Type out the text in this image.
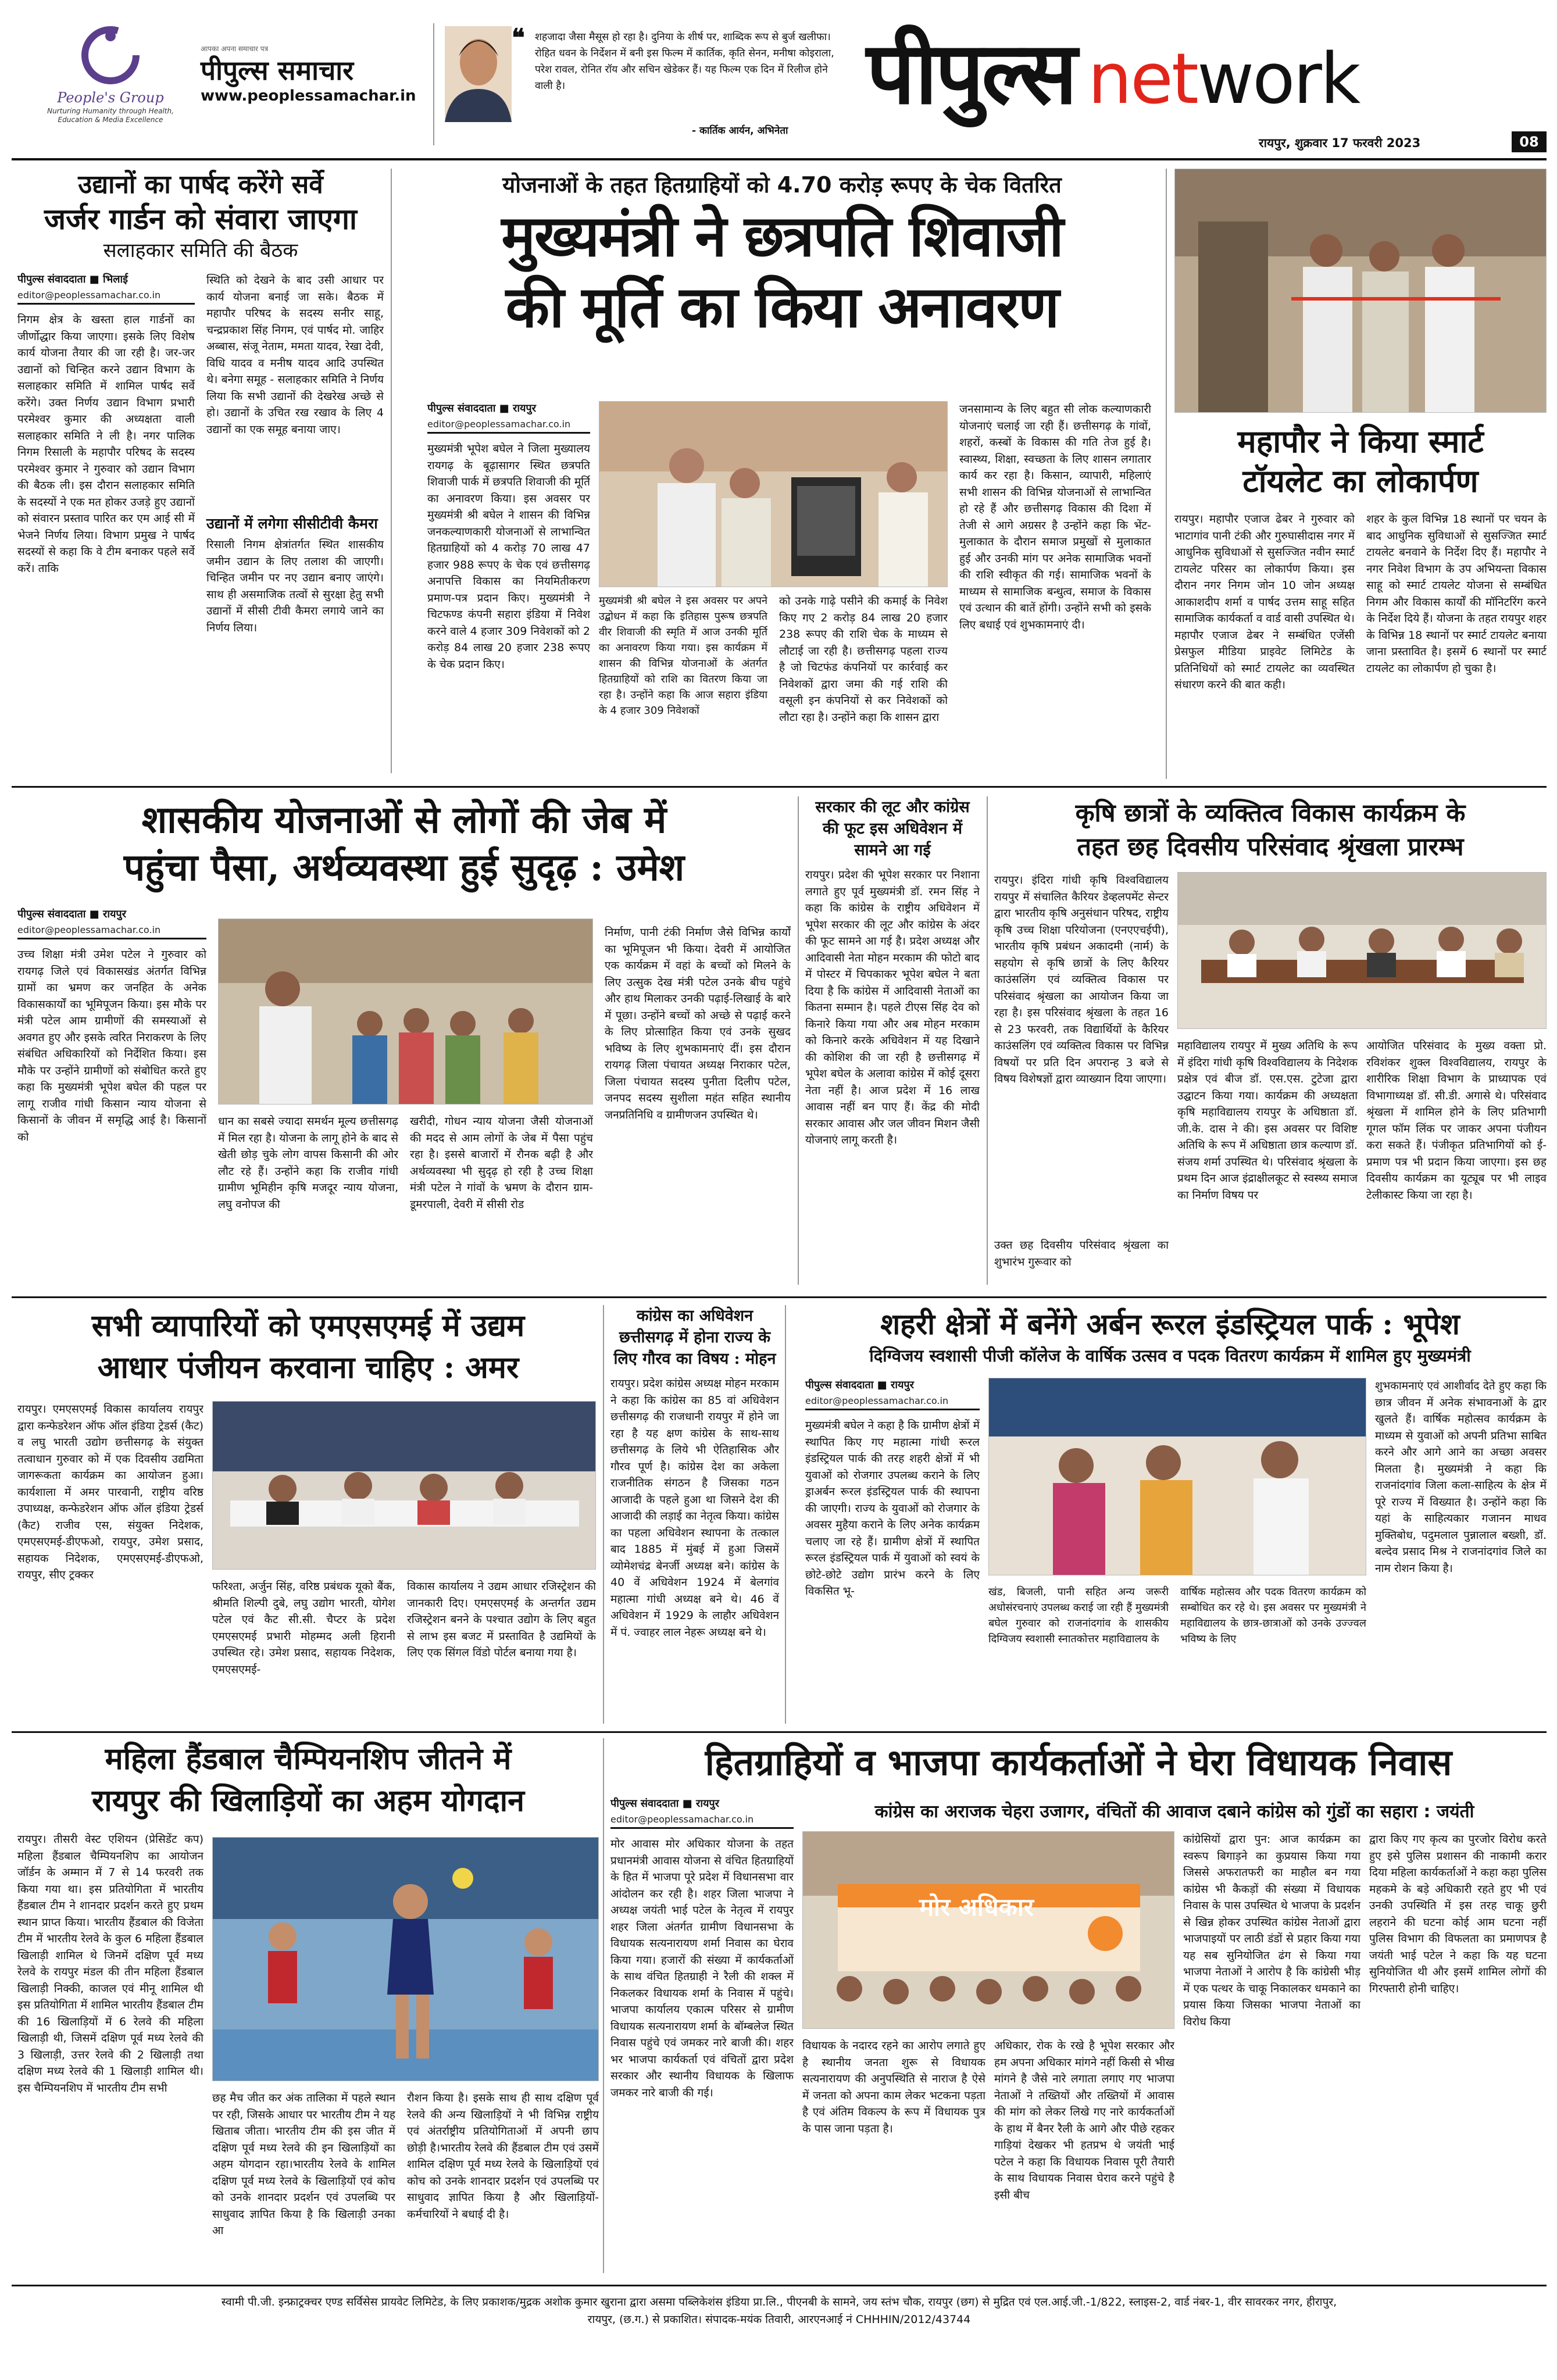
People's Group
Nurturing Humanity through Health, Education & Media Excellence
आपका अपना समाचार पत्र
पीपुल्स समाचार
www.peoplessamachar.in
❝ शहजादा जैसा मैसूस हो रहा है। दुनिया के शीर्ष पर, शाब्दिक रूप से बुर्ज खलीफा। रोहित धवन के निर्देशन में बनी इस फिल्म में कार्तिक, कृति सेनन, मनीषा कोइराला, परेश रावल, रोनित रॉय और सचिन खेडेकर हैं। यह फिल्म एक दिन में रिलीज होने वाली है।
- कार्तिक आर्यन, अभिनेता
पीपुल्स network
रायपुर, शुक्रवार 17 फरवरी 2023	08
उद्यानों का पार्षद करेंगे सर्वे
जर्जर गार्डन को संवारा जाएगा
सलाहकार समिति की बैठक
पीपुल्स संवाददाता ■ भिलाई
editor@peoplessamachar.co.in
निगम क्षेत्र के खस्ता हाल गार्डनों का जीर्णोद्धार किया जाएगा। इसके लिए विशेष कार्य योजना तैयार की जा रही है। जर-जर उद्यानों को चिन्हित करने उद्यान विभाग के सलाहकार समिति में शामिल पार्षद सर्वे करेंगे। उक्त निर्णय उद्यान विभाग प्रभारी परमेश्वर कुमार की अध्यक्षता वाली सलाहकार समिति ने ली है। नगर पालिक निगम रिसाली के महापौर परिषद के सदस्य परमेश्वर कुमार ने गुरुवार को उद्यान विभाग की बैठक ली। इस दौरान सलाहकार समिति के सदस्यों ने एक मत होकर उजड़े हुए उद्यानों को संवारन प्रस्ताव पारित कर एम आई सी में भेजने निर्णय लिया। विभाग प्रमुख ने पार्षद सदस्यों से कहा कि वे टीम बनाकर पहले सर्वे करें। ताकि
स्थिति को देखने के बाद उसी आधार पर कार्य योजना बनाई जा सके। बैठक में महापौर परिषद के सदस्य सनीर साहू, चन्द्रप्रकाश सिंह निगम, एवं पार्षद मो. जाहिर अब्बास, संजू नेताम, ममता यादव, रेखा देवी, विधि यादव व मनीष यादव आदि उपस्थित थे। बनेगा समूह - सलाहकार समिति ने निर्णय लिया कि सभी उद्यानों की देखरेख अच्छे से हो। उद्यानों के उचित रख रखाव के लिए 4 उद्यानों का एक समूह बनाया जाए।
उद्यानों में लगेगा सीसीटीवी कैमरा
रिसाली निगम क्षेत्रांतर्गत स्थित शासकीय जमीन उद्यान के लिए तलाश की जाएगी। चिन्हित जमीन पर नए उद्यान बनाए जाएंगे। साथ ही असमाजिक तत्वों से सुरक्षा हेतु सभी उद्यानों में सीसी टीवी कैमरा लगाये जाने का निर्णय लिया।
योजनाओं के तहत हितग्राहियों को 4.70 करोड़ रूपए के चेक वितरित
मुख्यमंत्री ने छत्रपति शिवाजी
की मूर्ति का किया अनावरण
पीपुल्स संवाददाता ■ रायपुर
editor@peoplessamachar.co.in
मुख्यमंत्री भूपेश बघेल ने जिला मुख्यालय रायगढ़ के बूढ़ासागर स्थित छत्रपति शिवाजी पार्क में छत्रपति शिवाजी की मूर्ति का अनावरण किया। इस अवसर पर मुख्यमंत्री श्री बघेल ने शासन की विभिन्न जनकल्याणकारी योजनाओं से लाभान्वित हितग्राहियों को 4 करोड़ 70 लाख 47 हजार 988 रूपए के चेक एवं छत्तीसगढ़ अनापत्ति विकास का नियमितीकरण प्रमाण-पत्र प्रदान किए। मुख्यमंत्री ने चिटफण्ड कंपनी सहारा इंडिया में निवेश करने वाले 4 हजार 309 निवेशकों को 2 करोड़ 84 लाख 20 हजार 238 रूपए के चेक प्रदान किए।
मुख्यमंत्री श्री बघेल ने इस अवसर पर अपने उद्बोधन में कहा कि इतिहास पुरूष छत्रपति वीर शिवाजी की स्मृति में आज उनकी मूर्ति का अनावरण किया गया। इस कार्यक्रम में शासन की विभिन्न योजनाओं के अंतर्गत हितग्राहियों को राशि का वितरण किया जा रहा है। उन्होंने कहा कि आज सहारा इंडिया के 4 हजार 309 निवेशकों
को उनके गाढ़े पसीने की कमाई के निवेश किए गए 2 करोड़ 84 लाख 20 हजार 238 रूपए की राशि चेक के माध्यम से लौटाई जा रही है। छत्तीसगढ़ पहला राज्य है जो चिटफंड कंपनियों पर कार्रवाई कर निवेशकों द्वारा जमा की गई राशि की वसूली इन कंपनियों से कर निवेशकों को लौटा रहा है। उन्होंने कहा कि शासन द्वारा
जनसामान्य के लिए बहुत सी लोक कल्याणकारी योजनाएं चलाई जा रही हैं। छत्तीसगढ़ के गांवों, शहरों, कस्बों के विकास की गति तेज हुई है। स्वास्थ्य, शिक्षा, स्वच्छता के लिए शासन लगातार कार्य कर रहा है। किसान, व्यापारी, महिलाएं सभी शासन की विभिन्न योजनाओं से लाभान्वित हो रहे हैं और छत्तीसगढ़ विकास की दिशा में तेजी से आगे अग्रसर है उन्होंने कहा कि भेंट-मुलाकात के दौरान समाज प्रमुखों से मुलाकात हुई और उनकी मांग पर अनेक सामाजिक भवनों की राशि स्वीकृत की गई। सामाजिक भवनों के माध्यम से सामाजिक बन्धुत्व, समाज के विकास एवं उत्थान की बातें होंगी। उन्होंने सभी को इसके लिए बधाई एवं शुभकामनाएं दी।
महापौर ने किया स्मार्ट
टॉयलेट का लोकार्पण
रायपुर। महापौर एजाज ढेबर ने गुरुवार को भाटागांव पानी टंकी और गुरुघासीदास नगर में आधुनिक सुविधाओं से सुसज्जित नवीन स्मार्ट टायलेट परिसर का लोकार्पण किया। इस दौरान नगर निगम जोन 10 जोन अध्यक्ष आकाशदीप शर्मा व पार्षद उत्तम साहू सहित सामाजिक कार्यकर्ता व वार्ड वासी उपस्थित थे। महापौर एजाज ढेबर ने सम्बंधित एजेंसी प्रेसफुल मीडिया प्राइवेट लिमिटेड के प्रतिनिधियों को स्मार्ट टायलेट का व्यवस्थित संधारण करने की बात कही।
शहर के कुल विभिन्न 18 स्थानों पर चयन के बाद आधुनिक सुविधाओं से सुसज्जित स्मार्ट टायलेट बनवाने के निर्देश दिए हैं। महापौर ने नगर निवेश विभाग के उप अभियन्ता विकास साहू को स्मार्ट टायलेट योजना से सम्बंधित निगम और विकास कार्यों की मॉनिटरिंग करने के निर्देश दिये हैं। योजना के तहत रायपुर शहर के विभिन्न 18 स्थानों पर स्मार्ट टायलेट बनाया जाना प्रस्तावित है। इसमें 6 स्थानों पर स्मार्ट टायलेट का लोकार्पण हो चुका है।
शासकीय योजनाओं से लोगों की जेब में
पहुंचा पैसा, अर्थव्यवस्था हुई सुदृढ़ : उमेश
पीपुल्स संवाददाता ■ रायपुर
editor@peoplessamachar.co.in
उच्च शिक्षा मंत्री उमेश पटेल ने गुरुवार को रायगढ़ जिले एवं विकासखंड अंतर्गत विभिन्न ग्रामों का भ्रमण कर जनहित के अनेक विकासकार्यों का भूमिपूजन किया। इस मौके पर मंत्री पटेल आम ग्रामीणों की समस्याओं से अवगत हुए और इसके त्वरित निराकरण के लिए संबंधित अधिकारियों को निर्देशित किया। इस मौके पर उन्होंने ग्रामीणों को संबोधित करते हुए कहा कि मुख्यमंत्री भूपेश बघेल की पहल पर लागू राजीव गांधी किसान न्याय योजना से किसानों के जीवन में समृद्धि आई है। किसानों को
धान का सबसे ज्यादा समर्थन मूल्य छत्तीसगढ़ में मिल रहा है। योजना के लागू होने के बाद से खेती छोड़ चुके लोग वापस किसानी की ओर लौट रहे हैं। उन्होंने कहा कि राजीव गांधी ग्रामीण भूमिहीन कृषि मजदूर न्याय योजना, लघु वनोपज की
खरीदी, गोधन न्याय योजना जैसी योजनाओं की मदद से आम लोगों के जेब में पैसा पहुंच रहा है। इससे बाजारों में रौनक बढ़ी है और अर्थव्यवस्था भी सुदृढ़ हो रही है उच्च शिक्षा मंत्री पटेल ने गांवों के भ्रमण के दौरान ग्राम-डूमरपाली, देवरी में सीसी रोड
निर्माण, पानी टंकी निर्माण जैसे विभिन्न कार्यों का भूमिपूजन भी किया। देवरी में आयोजित एक कार्यक्रम में वहां के बच्चों को मिलने के लिए उत्सुक देख मंत्री पटेल उनके बीच पहुंचे और हाथ मिलाकर उनकी पढ़ाई-लिखाई के बारे में पूछा। उन्होंने बच्चों को अच्छे से पढ़ाई करने के लिए प्रोत्साहित किया एवं उनके सुखद भविष्य के लिए शुभकामनाएं दीं। इस दौरान रायगढ़ जिला पंचायत अध्यक्ष निराकार पटेल, जिला पंचायत सदस्य पुनीता दिलीप पटेल, जनपद सदस्य सुशीला महंत सहित स्थानीय जनप्रतिनिधि व ग्रामीणजन उपस्थित थे।
सरकार की लूट और कांग्रेस की फूट इस अधिवेशन में सामने आ गई
रायपुर। प्रदेश की भूपेश सरकार पर निशाना लगाते हुए पूर्व मुख्यमंत्री डॉ. रमन सिंह ने कहा कि कांग्रेस के राष्ट्रीय अधिवेशन में भूपेश सरकार की लूट और कांग्रेस के अंदर की फूट सामने आ गई है। प्रदेश अध्यक्ष और आदिवासी नेता मोहन मरकाम की फोटो बाद में पोस्टर में चिपकाकर भूपेश बघेल ने बता दिया है कि कांग्रेस में आदिवासी नेताओं का कितना सम्मान है। पहले टीएस सिंह देव को किनारे किया गया और अब मोहन मरकाम को किनारे करके अधिवेशन में यह दिखाने की कोशिश की जा रही है छत्तीसगढ़ में भूपेश बघेल के अलावा कांग्रेस में कोई दूसरा नेता नहीं है। आज प्रदेश में 16 लाख आवास नहीं बन पाए हैं। केंद्र की मोदी सरकार आवास और जल जीवन मिशन जैसी योजनाएं लागू करती है।
कृषि छात्रों के व्यक्तित्व विकास कार्यक्रम के
तहत छह दिवसीय परिसंवाद श्रृंखला प्रारम्भ
रायपुर। इंदिरा गांधी कृषि विश्वविद्यालय रायपुर में संचालित कैरियर डेव्हलपमेंट सेन्टर द्वारा भारतीय कृषि अनुसंधान परिषद, राष्ट्रीय कृषि उच्च शिक्षा परियोजना (एनएएचईपी), भारतीय कृषि प्रबंधन अकादमी (नार्म) के सहयोग से कृषि छात्रों के लिए कैरियर काउंसलिंग एवं व्यक्तित्व विकास पर परिसंवाद श्रृंखला का आयोजन किया जा रहा है। इस परिसंवाद श्रृंखला के तहत 16 से 23 फरवरी, तक विद्यार्थियों के कैरियर काउंसलिंग एवं व्यक्तित्व विकास पर विभिन्न विषयों पर प्रति दिन अपरान्ह 3 बजे से विषय विशेषज्ञों द्वारा व्याख्यान दिया जाएगा।
उक्त छह दिवसीय परिसंवाद श्रृंखला का शुभारंभ गुरूवार को
महाविद्यालय रायपुर में मुख्य अतिथि के रूप में इंदिरा गांधी कृषि विश्वविद्यालय के निदेशक प्रक्षेत्र एवं बीज डॉ. एस.एस. टुटेजा द्वारा उद्घाटन किया गया। कार्यक्रम की अध्यक्षता कृषि महाविद्यालय रायपुर के अधिष्ठाता डॉ. जी.के. दास ने की। इस अवसर पर विशिष्ट अतिथि के रूप में अधिष्ठाता छात्र कल्याण डॉ. संजय शर्मा उपस्थित थे। परिसंवाद श्रृंखला के प्रथम दिन आज इंद्राक्षीलकूट से स्वस्थ्य समाज का निर्माण विषय पर
आयोजित परिसंवाद के मुख्य वक्ता प्रो. रविशंकर शुक्ल विश्वविद्यालय, रायपुर के शारीरिक शिक्षा विभाग के प्राध्यापक एवं विभागाध्यक्ष डॉ. सी.डी. अगासे थे। परिसंवाद श्रृंखला में शामिल होने के लिए प्रतिभागी गूगल फॉम लिंक पर जाकर अपना पंजीयन करा सकते हैं। पंजीकृत प्रतिभागियों को ई-प्रमाण पत्र भी प्रदान किया जाएगा। इस छह दिवसीय कार्यक्रम का यूट्यूब पर भी लाइव टेलीकास्ट किया जा रहा है।
सभी व्यापारियों को एमएसएमई में उद्यम
आधार पंजीयन करवाना चाहिए : अमर
रायपुर। एमएसएमई विकास कार्यालय रायपुर द्वारा कन्फेडरेशन ऑफ ऑल इंडिया ट्रेडर्स (कैट) व लघु भारती उद्योग छत्तीसगढ़ के संयुक्त तत्वाधान गुरुवार को में एक दिवसीय उद्यमिता जागरूकता कार्यक्रम का आयोजन हुआ। कार्यशाला में अमर पारवानी, राष्ट्रीय वरिष्ठ उपाध्यक्ष, कन्फेडरेशन ऑफ ऑल इंडिया ट्रेडर्स (कैट) राजीव एस, संयुक्त निदेशक, एमएसएमई-डीएफओ, रायपुर, उमेश प्रसाद, सहायक निदेशक, एमएसएमई-डीएफओ, रायपुर, सीए ट्रक्कर
फरिश्ता, अर्जुन सिंह, वरिष्ठ प्रबंधक यूको बैंक, श्रीमति शिल्पी दुबे, लघु उद्योग भारती, योगेश पटेल एवं कैट सी.सी. चैप्टर के प्रदेश एमएसएमई प्रभारी मोहम्मद अली हिरानी उपस्थित रहे। उमेश प्रसाद, सहायक निदेशक, एमएसएमई-
विकास कार्यालय ने उद्यम आधार रजिस्ट्रेशन की जानकारी दिए। एमएसएमई के अन्तर्गत उद्यम रजिस्ट्रेशन बनने के पश्चात उद्योग के लिए बहुत से लाभ इस बजट में प्रस्तावित है उद्यमियों के लिए एक सिंगल विंडो पोर्टल बनाया गया है।
कांग्रेस का अधिवेशन छत्तीसगढ़ में होना राज्य के लिए गौरव का विषय : मोहन
रायपुर। प्रदेश कांग्रेस अध्यक्ष मोहन मरकाम ने कहा कि कांग्रेस का 85 वां अधिवेशन छत्तीसगढ़ की राजधानी रायपुर में होने जा रहा है यह क्षण कांग्रेस के साथ-साथ छत्तीसगढ़ के लिये भी ऐतिहासिक और गौरव पूर्ण है। कांग्रेस देश का अकेला राजनीतिक संगठन है जिसका गठन आजादी के पहले हुआ था जिसने देश की आजादी की लड़ाई का नेतृत्व किया। कांग्रेस का पहला अधिवेशन स्थापना के तत्काल बाद 1885 में मुंबई में हुआ जिसमें व्योमेशचंद्र बेनर्जी अध्यक्ष बने। कांग्रेस के 40 वें अधिवेशन 1924 में बेलगांव महात्मा गांधी अध्यक्ष बने थे। 46 वें अधिवेशन में 1929 के लाहौर अधिवेशन में पं. ज्वाहर लाल नेहरू अध्यक्ष बने थे।
शहरी क्षेत्रों में बनेंगे अर्बन रूरल इंडस्ट्रियल पार्क : भूपेश
दिग्विजय स्वशासी पीजी कॉलेज के वार्षिक उत्सव व पदक वितरण कार्यक्रम में शामिल हुए मुख्यमंत्री
पीपुल्स संवाददाता ■ रायपुर
editor@peoplessamachar.co.in
मुख्यमंत्री बघेल ने कहा है कि ग्रामीण क्षेत्रों में स्थापित किए गए महात्मा गांधी रूरल इंडस्ट्रियल पार्क की तरह शहरी क्षेत्रों में भी युवाओं को रोजगार उपलब्ध कराने के लिए ड्राअर्बन रूरल इंडस्ट्रियल पार्क की स्थापना की जाएगी। राज्य के युवाओं को रोजगार के अवसर मुहैया कराने के लिए अनेक कार्यक्रम चलाए जा रहे हैं। ग्रामीण क्षेत्रों में स्थापित रूरल इंडस्ट्रियल पार्क में युवाओं को स्वयं के छोटे-छोटे उद्योग प्रारंभ करने के लिए विकसित भू-	खंड, बिजली, पानी सहित अन्य जरूरी अधोसंरचनाएं उपलब्ध कराई जा रही हैं मुख्यमंत्री बघेल गुरुवार को राजनांदगांव के शासकीय दिग्विजय स्वशासी स्नातकोत्तर महाविद्यालय के
वार्षिक महोत्सव और पदक वितरण कार्यक्रम को सम्बोधित कर रहे थे। इस अवसर पर मुख्यमंत्री ने महाविद्यालय के छात्र-छात्राओं को उनके उज्ज्वल भविष्य के लिए
शुभकामनाएं एवं आशीर्वाद देते हुए कहा कि छात्र जीवन में अनेक संभावनाओं के द्वार खुलते हैं। वार्षिक महोत्सव कार्यक्रम के माध्यम से युवाओं को अपनी प्रतिभा साबित करने और आगे आने का अच्छा अवसर मिलता है। मुख्यमंत्री ने कहा कि राजनांदगांव जिला कला-साहित्य के क्षेत्र में पूरे राज्य में विख्यात है। उन्होंने कहा कि यहां के साहित्यकार गजानन माधव मुक्तिबोध, पदुमलाल पुन्नालाल बख्शी, डॉ. बल्देव प्रसाद मिश्र ने राजनांदगांव जिले का नाम रोशन किया है।
महिला हैंडबाल चैम्पियनशिप जीतने में
रायपुर की खिलाड़ियों का अहम योगदान
रायपुर। तीसरी वेस्ट एशियन (प्रेसिडेंट कप) महिला हैंडबाल चैम्पियनशिप का आयोजन जॉर्डन के अम्मान में 7 से 14 फरवरी तक किया गया था। इस प्रतियोगिता में भारतीय हैंडबाल टीम ने शानदार प्रदर्शन करते हुए प्रथम स्थान प्राप्त किया। भारतीय हैंडबाल की विजेता टीम में भारतीय रेलवे के कुल 6 महिला हैंडबाल खिलाड़ी शामिल थे जिनमें दक्षिण पूर्व मध्य रेलवे के रायपुर मंडल की तीन महिला हैंडबाल खिलाड़ी निक्की, काजल एवं मीनू शामिल थी इस प्रतियोगिता में शामिल भारतीय हैंडबाल टीम की 16 खिलाड़ियों में 6 रेलवे की महिला खिलाड़ी थी, जिसमें दक्षिण पूर्व मध्य रेलवे की 3 खिलाड़ी, उत्तर रेलवे की 2 खिलाड़ी तथा दक्षिण मध्य रेलवे की 1 खिलाड़ी शामिल थी। इस चैम्पियनशिप में भारतीय टीम सभी
छह मैच जीत कर अंक तालिका में पहले स्थान पर रही, जिसके आधार पर भारतीय टीम ने यह खिताब जीता। भारतीय टीम की इस जीत में दक्षिण पूर्व मध्य रेलवे की इन खिलाड़ियों का अहम योगदान रहा।भारतीय रेलवे के शामिल दक्षिण पूर्व मध्य रेलवे के खिलाड़ियों एवं कोच को उनके शानदार प्रदर्शन एवं उपलब्धि पर साधुवाद ज्ञापित किया है कि खिलाड़ी उनका आ
रौशन किया है। इसके साथ ही साथ दक्षिण पूर्व रेलवे की अन्य खिलाड़ियों ने भी विभिन्न राष्ट्रीय एवं अंतर्राष्ट्रीय प्रतियोगिताओं में अपनी छाप छोड़ी है।भारतीय रेलवे की हैंडबाल टीम एवं उसमें शामिल दक्षिण पूर्व मध्य रेलवे के खिलाड़ियों एवं कोच को उनके शानदार प्रदर्शन एवं उपलब्धि पर साधुवाद ज्ञापित किया है और खिलाड़ियों-कर्मचारियों ने बधाई दी है।
हितग्राहियों व भाजपा कार्यकर्ताओं ने घेरा विधायक निवास
पीपुल्स संवाददाता ■ रायपुर
editor@peoplessamachar.co.in
मोर आवास मोर अधिकार योजना के तहत प्रधानमंत्री आवास योजना से वंचित हितग्राहियों के हित में भाजपा पूरे प्रदेश में विधानसभा वार आंदोलन कर रही है। शहर जिला भाजपा ने अध्यक्ष जयंती भाई पटेल के नेतृत्व में रायपुर शहर जिला अंतर्गत ग्रामीण विधानसभा के विधायक सत्यनारायण शर्मा निवास का घेराव किया गया। हजारों की संख्या में कार्यकर्ताओं के साथ वंचित हितग्राही ने रैली की शक्ल में निकलकर विधायक शर्मा के निवास में पहुंचे। भाजपा कार्यालय एकात्म परिसर से ग्रामीण विधायक सत्यनारायण शर्मा के बॉम्बलेज स्थित निवास पहुंचे एवं जमकर नारे बाजी की। शहर भर भाजपा कार्यकर्ता एवं वंचितों द्वारा प्रदेश सरकार और स्थानीय विधायक के खिलाफ जमकर नारे बाजी की गई।
कांग्रेस का अराजक चेहरा उजागर, वंचितों की आवाज दबाने कांग्रेस को गुंडों का सहारा : जयंती
मोर अधिकार
विधायक के नदारद रहने का आरोप लगाते हुए है स्थानीय जनता शुरू से विधायक सत्यनारायण की अनुपस्थिति से नाराज है ऐसे में जनता को अपना काम लेकर भटकना पड़ता है एवं अंतिम विकल्प के रूप में विधायक पुत्र के पास जाना पड़ता है।
अधिकार, रोक के रखे है भूपेश सरकार और हम अपना अधिकार मांगने नहीं किसी से भीख मांगने है जैसे नारे लगाता लगाए गए भाजपा नेताओं ने तख्तियों और तख्तियों में आवास की मांग को लेकर लिखे गए नारे कार्यकर्ताओं के हाथ में बैनर रैली के आगे और पीछे रहकर गाड़ियां देखकर भी हतप्रभ थे जयंती भाई पटेल ने कहा कि विधायक निवास पूरी तैयारी के साथ विधायक निवास घेराव करने पहुंचे है इसी बीच
कांग्रेसियों द्वारा पुन: आज कार्यक्रम का स्वरूप बिगाड़ने का कुप्रयास किया गया जिससे अफरातफरी का माहौल बन गया कांग्रेस भी कैकड़ों की संख्या में विधायक निवास के पास उपस्थित थे भाजपा के प्रदर्शन से खिन्न होकर उपस्थित कांग्रेस नेताओं द्वारा भाजपाइयों पर लाठी डंडों से प्रहार किया गया यह सब सुनियोजित ढंग से किया गया भाजपा नेताओं ने आरोप है कि कांग्रेसी भीड़ में एक पत्थर के चाकू निकालकर धमकाने का प्रयास किया जिसका भाजपा नेताओं का विरोध किया
द्वारा किए गए कृत्य का पुरजोर विरोध करते हुए इसे पुलिस प्रशासन की नाकामी करार दिया महिला कार्यकर्ताओं ने कहा कहा पुलिस महकमे के बड़े अधिकारी रहते हुए भी एवं उनकी उपस्थिति में इस तरह चाकू छुरी लहराने की घटना कोई आम घटना नहीं पुलिस विभाग की विफलता का प्रमाणपत्र है जयंती भाई पटेल ने कहा कि यह घटना सुनियोजित थी और इसमें शामिल लोगों की गिरफ्तारी होनी चाहिए।
स्वामी पी.जी. इन्फ्राट्रक्चर एण्ड सर्विसेस प्रायवेट लिमिटेड, के लिए प्रकाशक/मुद्रक अशोक कुमार खुराना द्वारा असमा पब्लिकेशंस इंडिया प्रा.लि., पीएनबी के सामने, जय स्तंभ चौक, रायपुर (छग) से मुद्रित एवं एल.आई.जी.-1/822, स्लाइस-2, वार्ड नंबर-1, वीर सावरकर नगर, हीरापुर,
रायपुर, (छ.ग.) से प्रकाशित। संपादक-मयंक तिवारी, आरएनआई नं CHHHIN/2012/43744
